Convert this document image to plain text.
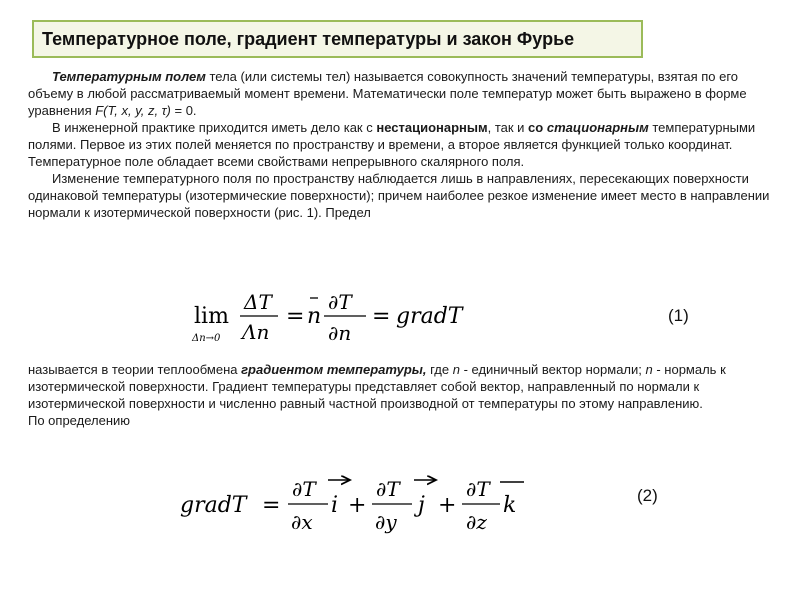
Температурное поле, градиент температуры и закон Фурье

Температурным полем тела (или системы тел) называется совокупность значений температуры, взятая по его объему в любой рассматриваемый момент времени. Математически поле температур может быть выражено в форме уравнения F(T, x, y, z, τ) = 0.

В инженерной практике приходится иметь дело как с нестационарным, так и со стационарным температурными полями. Первое из этих полей меняется по пространству и времени, а второе является функцией только координат. Температурное поле обладает всеми свойствами непрерывного скалярного поля.

Изменение температурного поля по пространству наблюдается лишь в направлениях, пересекающих поверхности одинаковой температуры (изотермические поверхности); причем наиболее резкое изменение имеет место в направлении нормали к изотермической поверхности (рис. 1). Предел

lim
Δn→0
ΔT
Λn
= n
∂T
∂n
= gradT	(1)

называется в теории теплообмена градиентом температуры, где n - единичный вектор нормали; n - нормаль к изотермической поверхности. Градиент температуры представляет собой вектор, направленный по нормали к изотермической поверхности и численно равный частной производной от температуры по этому направлению.

По определению

gradT =
∂T
∂x
i +
∂T
∂y
j +
∂T
∂z
k	(2)
